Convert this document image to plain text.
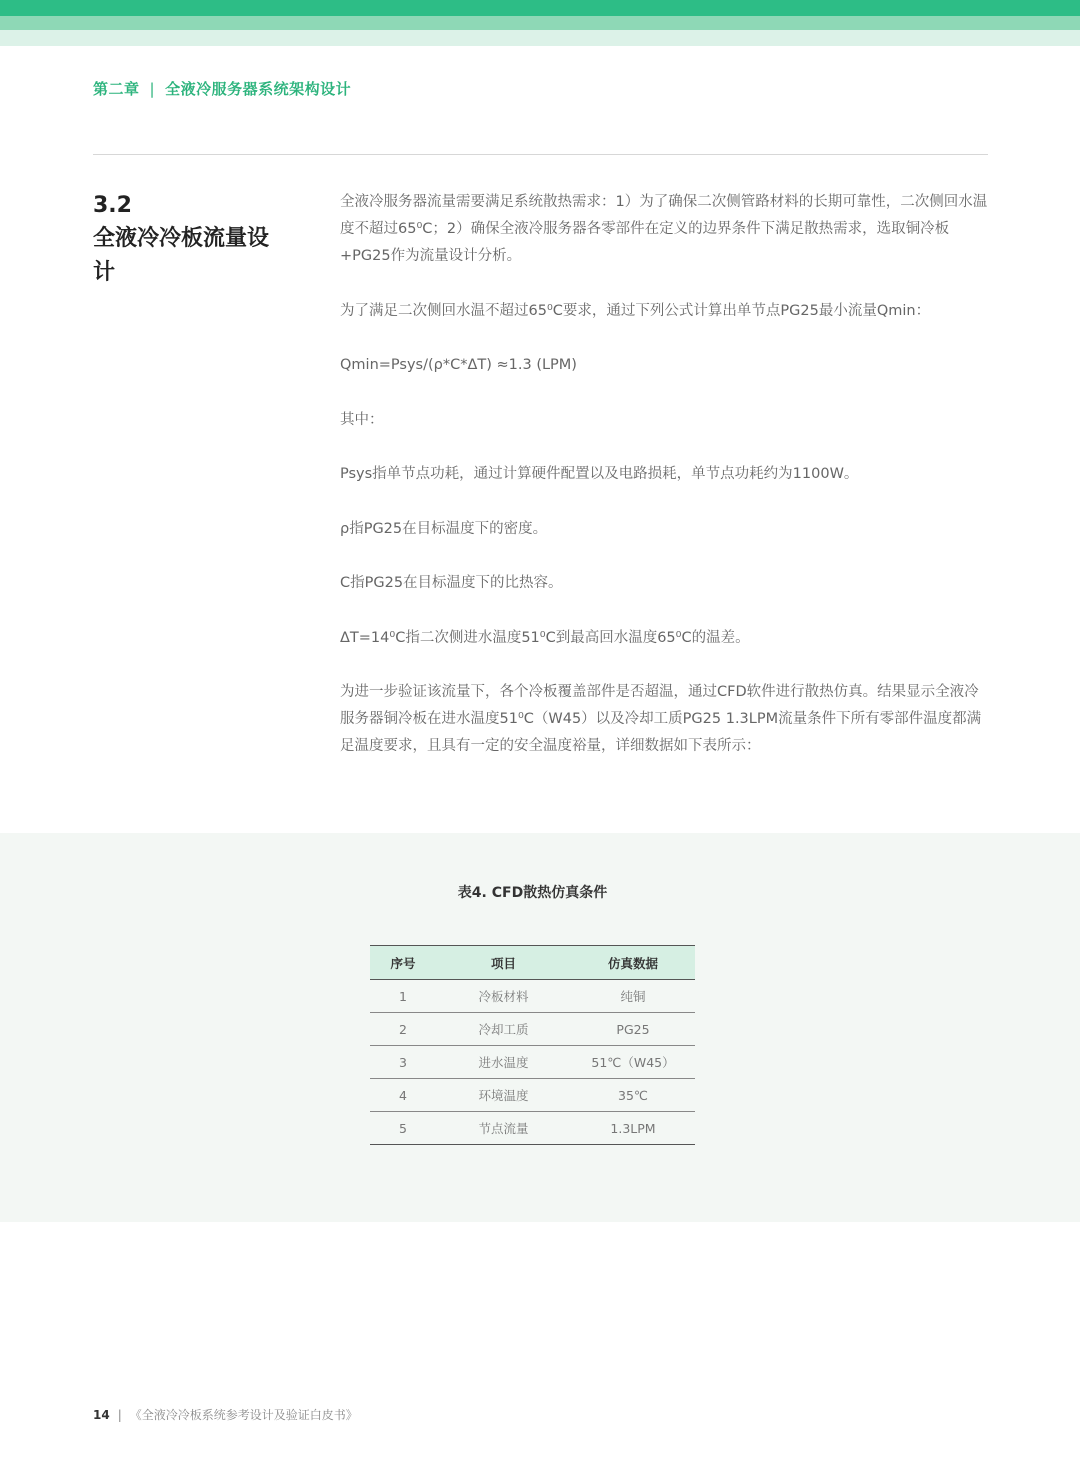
第二章 | 全液冷服务器系统架构设计
3.2
全液冷冷板流量设计
全液冷服务器流量需要满足系统散热需求：1）为了确保二次侧管路材料的长期可靠性，二次侧回水温度不超过65⁰C；2）确保全液冷服务器各零部件在定义的边界条件下满足散热需求，选取铜冷板+PG25作为流量设计分析。
为了满足二次侧回水温不超过65⁰C要求，通过下列公式计算出单节点PG25最小流量Qmin：
Qmin=Psys/(ρ*C*ΔT) ≈1.3 (LPM)
其中：
Psys指单节点功耗，通过计算硬件配置以及电路损耗，单节点功耗约为1100W。
ρ指PG25在目标温度下的密度。
C指PG25在目标温度下的比热容。
ΔT=14⁰C指二次侧进水温度51⁰C到最高回水温度65⁰C的温差。
为进一步验证该流量下，各个冷板覆盖部件是否超温，通过CFD软件进行散热仿真。结果显示全液冷服务器铜冷板在进水温度51⁰C（W45）以及冷却工质PG25 1.3LPM流量条件下所有零部件温度都满足温度要求，且具有一定的安全温度裕量，详细数据如下表所示：
表4. CFD散热仿真条件
序号	项目	仿真数据
1	冷板材料	纯铜
2	冷却工质	PG25
3	进水温度	51℃（W45）
4	环境温度	35℃
5	节点流量	1.3LPM
14 | 《全液冷冷板系统参考设计及验证白皮书》
